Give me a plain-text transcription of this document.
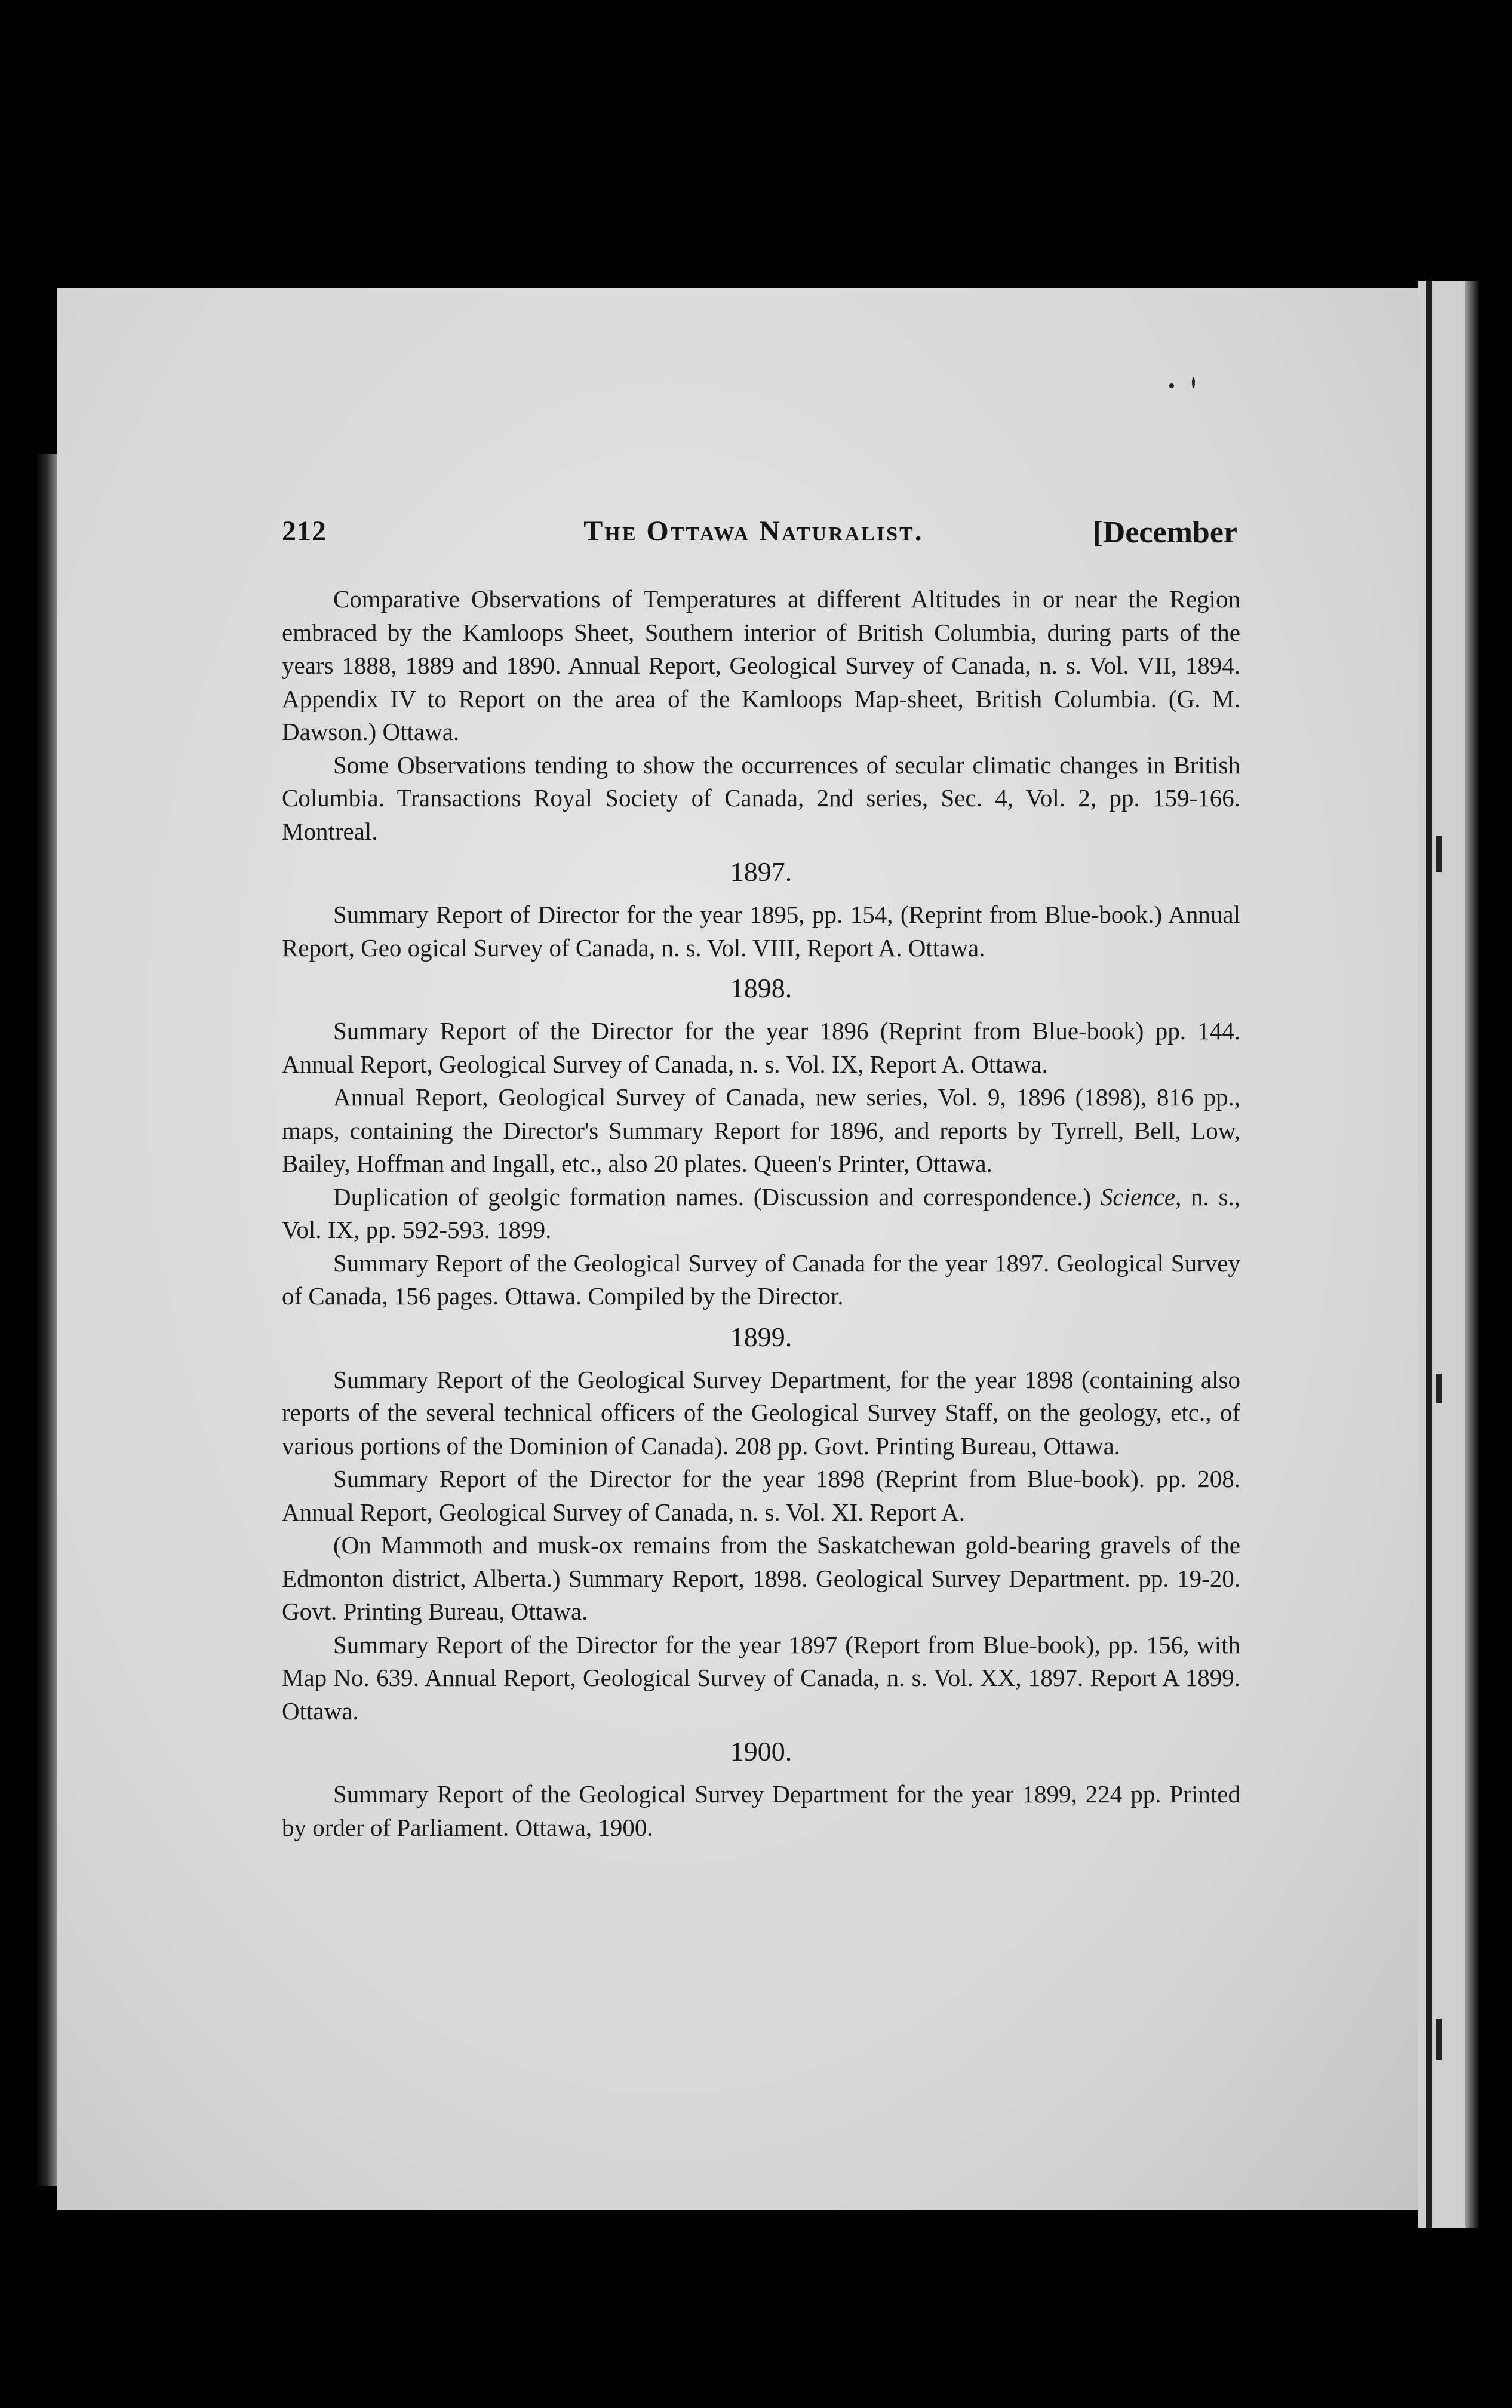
212	The Ottawa Naturalist.	[December

Comparative Observations of Temperatures at different Altitudes in or near the Region embraced by the Kamloops Sheet, Southern interior of British Columbia, during parts of the years 1888, 1889 and 1890. Annual Report, Geological Survey of Canada, n. s. Vol. VII, 1894. Appendix IV to Report on the area of the Kamloops Map-sheet, British Columbia. (G. M. Dawson.) Ottawa.

Some Observations tending to show the occurrences of secular climatic changes in British Columbia. Transactions Royal Society of Canada, 2nd series, Sec. 4, Vol. 2, pp. 159-166. Montreal.

1897.

Summary Report of Director for the year 1895, pp. 154, (Reprint from Blue-book.) Annual Report, Geo ogical Survey of Canada, n. s. Vol. VIII, Report A. Ottawa.

1898.

Summary Report of the Director for the year 1896 (Reprint from Blue-book) pp. 144. Annual Report, Geological Survey of Canada, n. s. Vol. IX, Report A. Ottawa.

Annual Report, Geological Survey of Canada, new series, Vol. 9, 1896 (1898), 816 pp., maps, containing the Director's Summary Report for 1896, and reports by Tyrrell, Bell, Low, Bailey, Hoffman and Ingall, etc., also 20 plates. Queen's Printer, Ottawa.

Duplication of geolgic formation names. (Discussion and correspondence.) Science, n. s., Vol. IX, pp. 592-593. 1899.

Summary Report of the Geological Survey of Canada for the year 1897. Geological Survey of Canada, 156 pages. Ottawa. Compiled by the Director.

1899.

Summary Report of the Geological Survey Department, for the year 1898 (containing also reports of the several technical officers of the Geological Survey Staff, on the geology, etc., of various portions of the Dominion of Canada). 208 pp. Govt. Printing Bureau, Ottawa.

Summary Report of the Director for the year 1898 (Reprint from Blue-book). pp. 208. Annual Report, Geological Survey of Canada, n. s. Vol. XI. Report A.

(On Mammoth and musk-ox remains from the Saskatchewan gold-bearing gravels of the Edmonton district, Alberta.) Summary Report, 1898. Geological Survey Department. pp. 19-20. Govt. Printing Bureau, Ottawa.

Summary Report of the Director for the year 1897 (Report from Blue-book), pp. 156, with Map No. 639. Annual Report, Geological Survey of Canada, n. s. Vol. XX, 1897. Report A 1899. Ottawa.

1900.

Summary Report of the Geological Survey Department for the year 1899, 224 pp. Printed by order of Parliament. Ottawa, 1900.
